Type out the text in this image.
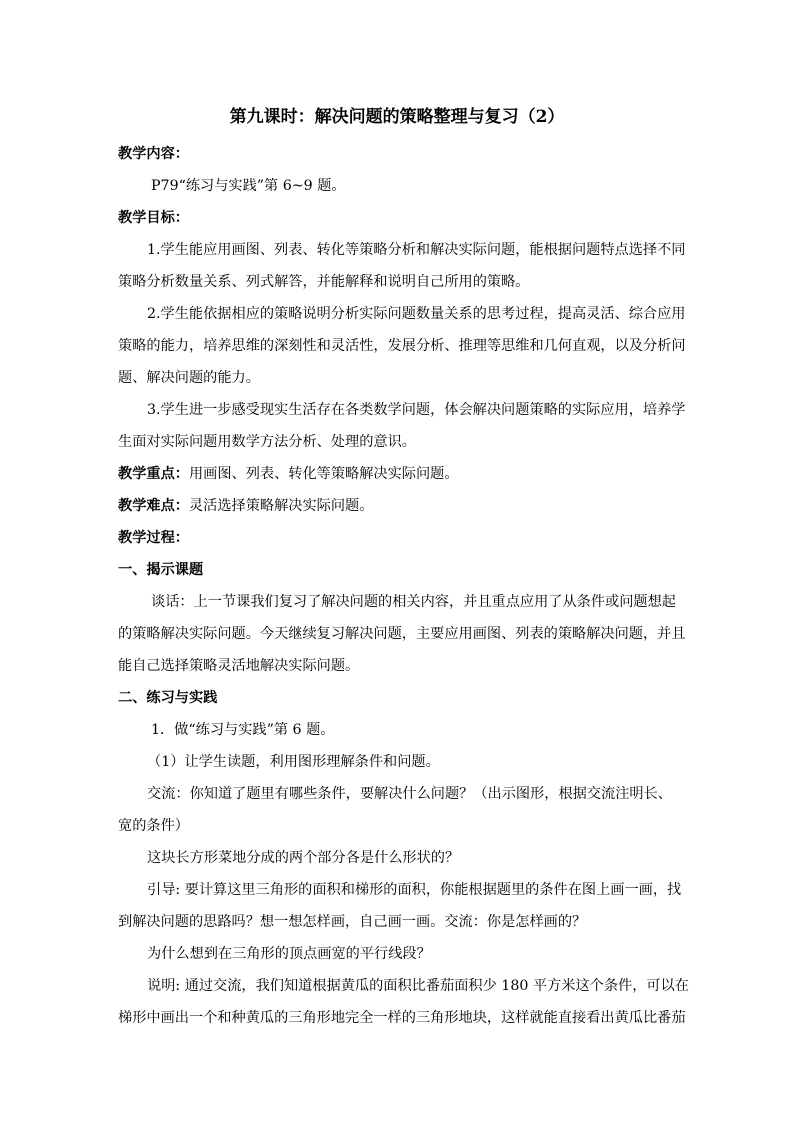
第九课时：解决问题的策略整理与复习（2）
教学内容：
P79“练习与实践”第 6~9 题。
教学目标：
1.学生能应用画图、列表、转化等策略分析和解决实际问题，能根据问题特点选择不同
策略分析数量关系、列式解答，并能解释和说明自己所用的策略。
2.学生能依据相应的策略说明分析实际问题数量关系的思考过程，提高灵活、综合应用
策略的能力，培养思维的深刻性和灵活性，发展分析、推理等思维和几何直观，以及分析问
题、解决问题的能力。
3.学生进一步感受现实生活存在各类数学问题，体会解决问题策略的实际应用，培养学
生面对实际问题用数学方法分析、处理的意识。
教学重点：用画图、列表、转化等策略解决实际问题。
教学难点：灵活选择策略解决实际问题。
教学过程：
一、揭示课题
谈话：上一节课我们复习了解决问题的相关内容，并且重点应用了从条件或问题想起
的策略解决实际问题。今天继续复习解决问题，主要应用画图、列表的策略解决问题，并且
能自己选择策略灵活地解决实际问题。
二、练习与实践
1．做“练习与实践”第 6 题。
（1）让学生读题，利用图形理解条件和问题。
交流：你知道了题里有哪些条件，要解决什么问题？（出示图形，根据交流注明长、
宽的条件）
这块长方形菜地分成的两个部分各是什么形状的？
引导: 要计算这里三角形的面积和梯形的面积，你能根据题里的条件在图上画一画，找
到解决问题的思路吗？想一想怎样画，自己画一画。交流：你是怎样画的？
为什么想到在三角形的顶点画宽的平行线段？
说明: 通过交流，我们知道根据黄瓜的面积比番茄面积少 180 平方米这个条件，可以在
梯形中画出一个和种黄瓜的三角形地完全一样的三角形地块，这样就能直接看出黄瓜比番茄
